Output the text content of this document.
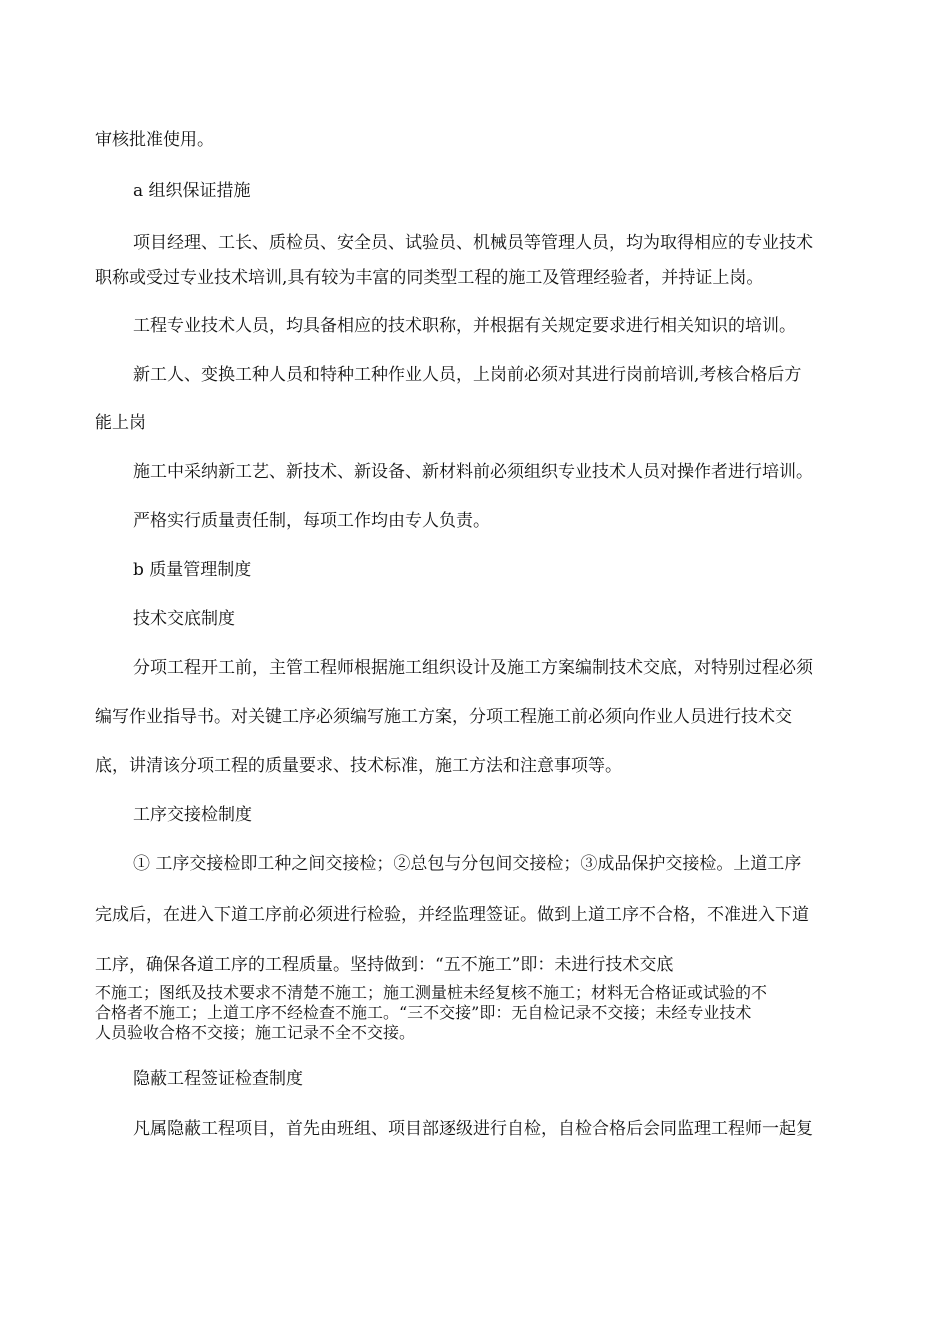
审核批准使用。
a 组织保证措施
项目经理、工长、质检员、安全员、试验员、机械员等管理人员，均为取得相应的专业技术
职称或受过专业技术培训,具有较为丰富的同类型工程的施工及管理经验者，并持证上岗。
工程专业技术人员，均具备相应的技术职称，并根据有关规定要求进行相关知识的培训。
新工人、变换工种人员和特种工种作业人员，上岗前必须对其进行岗前培训,考核合格后方
能上岗
施工中采纳新工艺、新技术、新设备、新材料前必须组织专业技术人员对操作者进行培训。
严格实行质量责任制，每项工作均由专人负责。
b 质量管理制度
技术交底制度
分项工程开工前，主管工程师根据施工组织设计及施工方案编制技术交底，对特别过程必须
编写作业指导书。对关键工序必须编写施工方案，分项工程施工前必须向作业人员进行技术交
底，讲清该分项工程的质量要求、技术标准，施工方法和注意事项等。
工序交接检制度
① 工序交接检即工种之间交接检；②总包与分包间交接检；③成品保护交接检。上道工序
完成后，在进入下道工序前必须进行检验，并经监理签证。做到上道工序不合格，不准进入下道
工序，确保各道工序的工程质量。坚持做到：“五不施工”即：未进行技术交底
不施工；图纸及技术要求不清楚不施工；施工测量桩未经复核不施工；材料无合格证或试验的不
合格者不施工；上道工序不经检查不施工。“三不交接”即：无自检记录不交接；未经专业技术
人员验收合格不交接；施工记录不全不交接。
隐蔽工程签证检查制度
凡属隐蔽工程项目，首先由班组、项目部逐级进行自检，自检合格后会同监理工程师一起复
